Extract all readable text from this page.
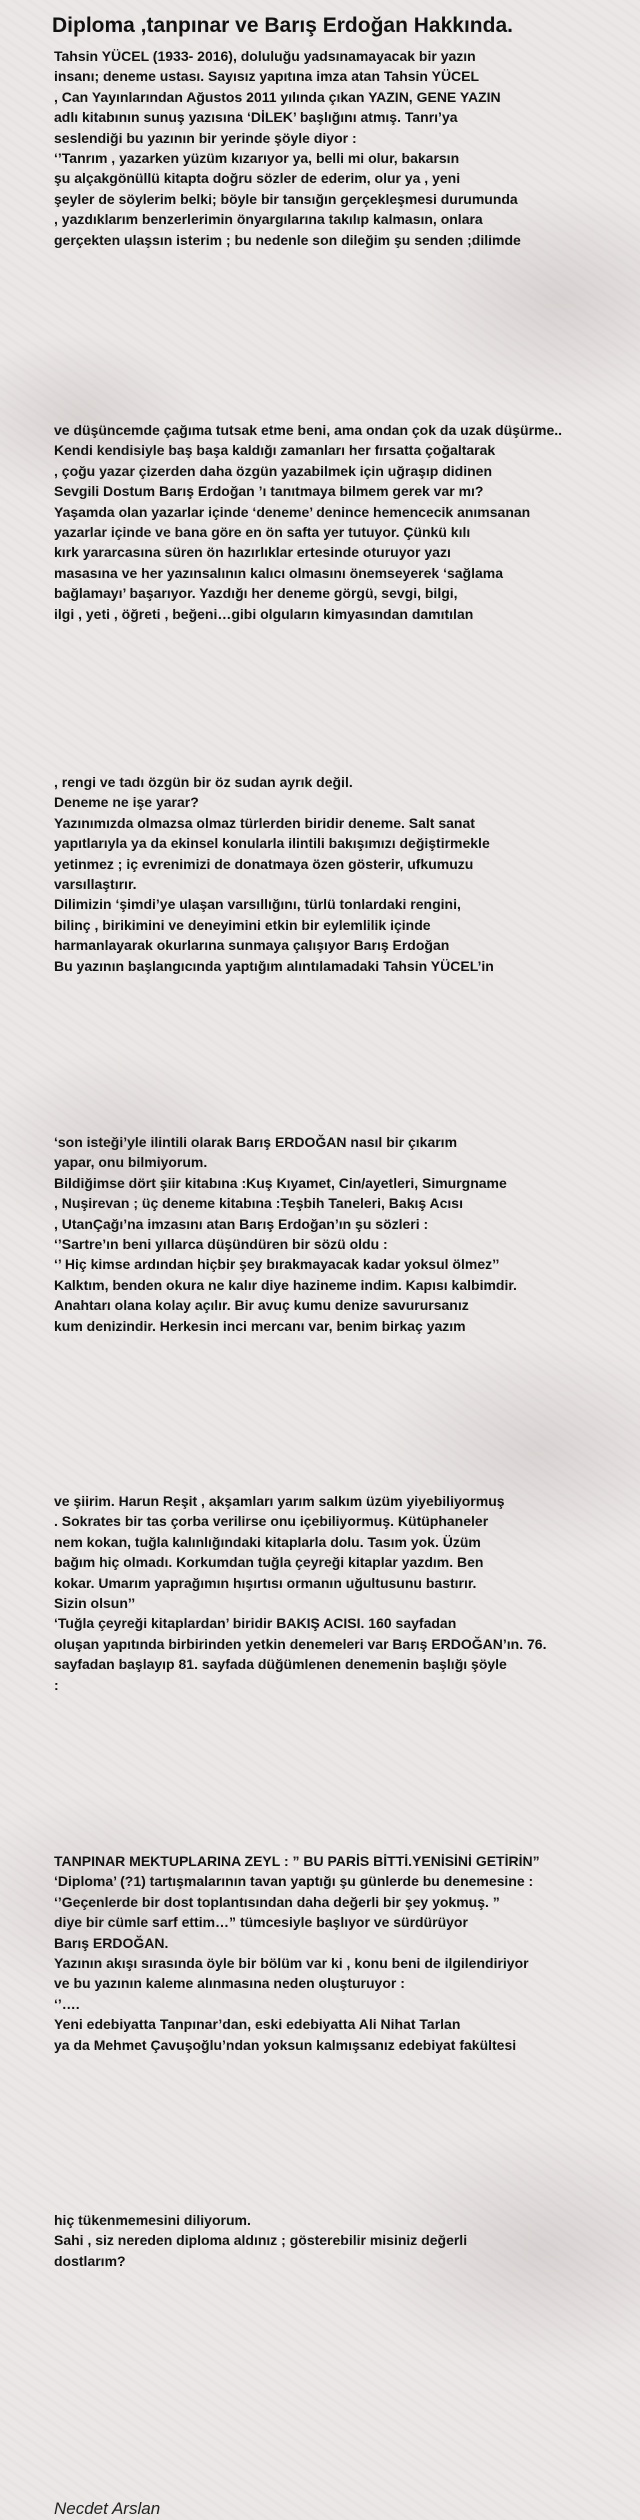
Diploma ,tanpınar ve Barış Erdoğan Hakkında.
Tahsin YÜCEL (1933- 2016), doluluğu yadsınamayacak bir yazın
insanı; deneme ustası. Sayısız yapıtına imza atan Tahsin YÜCEL
, Can Yayınlarından Ağustos 2011 yılında çıkan YAZIN, GENE YAZIN
adlı kitabının sunuş yazısına ‘DİLEK’ başlığını atmış. Tanrı’ya
seslendiği bu yazının bir yerinde şöyle diyor :
‘’Tanrım , yazarken yüzüm kızarıyor ya, belli mi olur, bakarsın
şu alçakgönüllü kitapta doğru sözler de ederim, olur ya , yeni
şeyler de söylerim belki; böyle bir tansığın gerçekleşmesi durumunda
, yazdıklarım benzerlerimin önyargılarına takılıp kalmasın, onlara
gerçekten ulaşsın isterim ; bu nedenle son dileğim şu senden ;dilimde
ve düşüncemde çağıma tutsak etme beni, ama ondan çok da uzak düşürme..
Kendi kendisiyle baş başa kaldığı zamanları her fırsatta çoğaltarak
, çoğu yazar çizerden daha özgün yazabilmek için uğraşıp didinen
Sevgili Dostum Barış Erdoğan ’ı tanıtmaya bilmem gerek var mı?
Yaşamda olan yazarlar içinde ‘deneme’ denince hemencecik anımsanan
yazarlar içinde ve bana göre en ön safta yer tutuyor. Çünkü kılı
kırk yararcasına süren ön hazırlıklar ertesinde oturuyor yazı
masasına ve her yazınsalının kalıcı olmasını önemseyerek ‘sağlama
bağlamayı’ başarıyor. Yazdığı her deneme görgü, sevgi, bilgi,
ilgi , yeti , öğreti , beğeni…gibi olguların kimyasından damıtılan
, rengi ve tadı özgün bir öz sudan ayrık değil.
Deneme ne işe yarar?
Yazınımızda olmazsa olmaz türlerden biridir deneme. Salt sanat
yapıtlarıyla ya da ekinsel konularla ilintili bakışımızı değiştirmekle
yetinmez ; iç evrenimizi de donatmaya özen gösterir, ufkumuzu
varsıllaştırır.
Dilimizin ‘şimdi’ye ulaşan varsıllığını, türlü tonlardaki rengini,
bilinç , birikimini ve deneyimini etkin bir eylemlilik içinde
harmanlayarak okurlarına sunmaya çalışıyor Barış Erdoğan
Bu yazının başlangıcında yaptığım alıntılamadaki Tahsin YÜCEL’in
‘son isteği’yle ilintili olarak Barış ERDOĞAN nasıl bir çıkarım
yapar, onu bilmiyorum.
Bildiğimse dört şiir kitabına :Kuş Kıyamet, Cin/ayetleri, Simurgname
, Nuşirevan ; üç deneme kitabına :Teşbih Taneleri, Bakış Acısı
, UtanÇağı’na imzasını atan Barış Erdoğan’ın şu sözleri :
‘’Sartre’ın beni yıllarca düşündüren bir sözü oldu :
‘’ Hiç kimse ardından hiçbir şey bırakmayacak kadar yoksul ölmez’’
Kalktım, benden okura ne kalır diye hazineme indim. Kapısı kalbimdir.
Anahtarı olana kolay açılır. Bir avuç kumu denize savurursanız
kum denizindir. Herkesin inci mercanı var, benim birkaç yazım
ve şiirim. Harun Reşit , akşamları yarım salkım üzüm yiyebiliyormuş
. Sokrates bir tas çorba verilirse onu içebiliyormuş. Kütüphaneler
nem kokan, tuğla kalınlığındaki kitaplarla dolu. Tasım yok. Üzüm
bağım hiç olmadı. Korkumdan tuğla çeyreği kitaplar yazdım. Ben
kokar. Umarım yaprağımın hışırtısı ormanın uğultusunu bastırır.
Sizin olsun’’
‘Tuğla çeyreği kitaplardan’ biridir BAKIŞ ACISI. 160 sayfadan
oluşan yapıtında birbirinden yetkin denemeleri var Barış ERDOĞAN’ın. 76.
sayfadan başlayıp 81. sayfada düğümlenen denemenin başlığı şöyle
:
TANPINAR MEKTUPLARINA ZEYL : ” BU PARİS BİTTİ.YENİSİNİ GETİRİN”
‘Diploma’ (?1) tartışmalarının tavan yaptığı şu günlerde bu denemesine :
‘’Geçenlerde bir dost toplantısından daha değerli bir şey yokmuş. ”
diye bir cümle sarf ettim…” tümcesiyle başlıyor ve sürdürüyor
Barış ERDOĞAN.
Yazının akışı sırasında öyle bir bölüm var ki , konu beni de ilgilendiriyor
ve bu yazının kaleme alınmasına neden oluşturuyor :
‘’….
Yeni edebiyatta Tanpınar’dan, eski edebiyatta Ali Nihat Tarlan
ya da Mehmet Çavuşoğlu’ndan yoksun kalmışsanız edebiyat fakültesi
hiç tükenmemesini diliyorum.
Sahi , siz nereden diploma aldınız ; gösterebilir misiniz değerli
dostlarım?
Necdet Arslan
